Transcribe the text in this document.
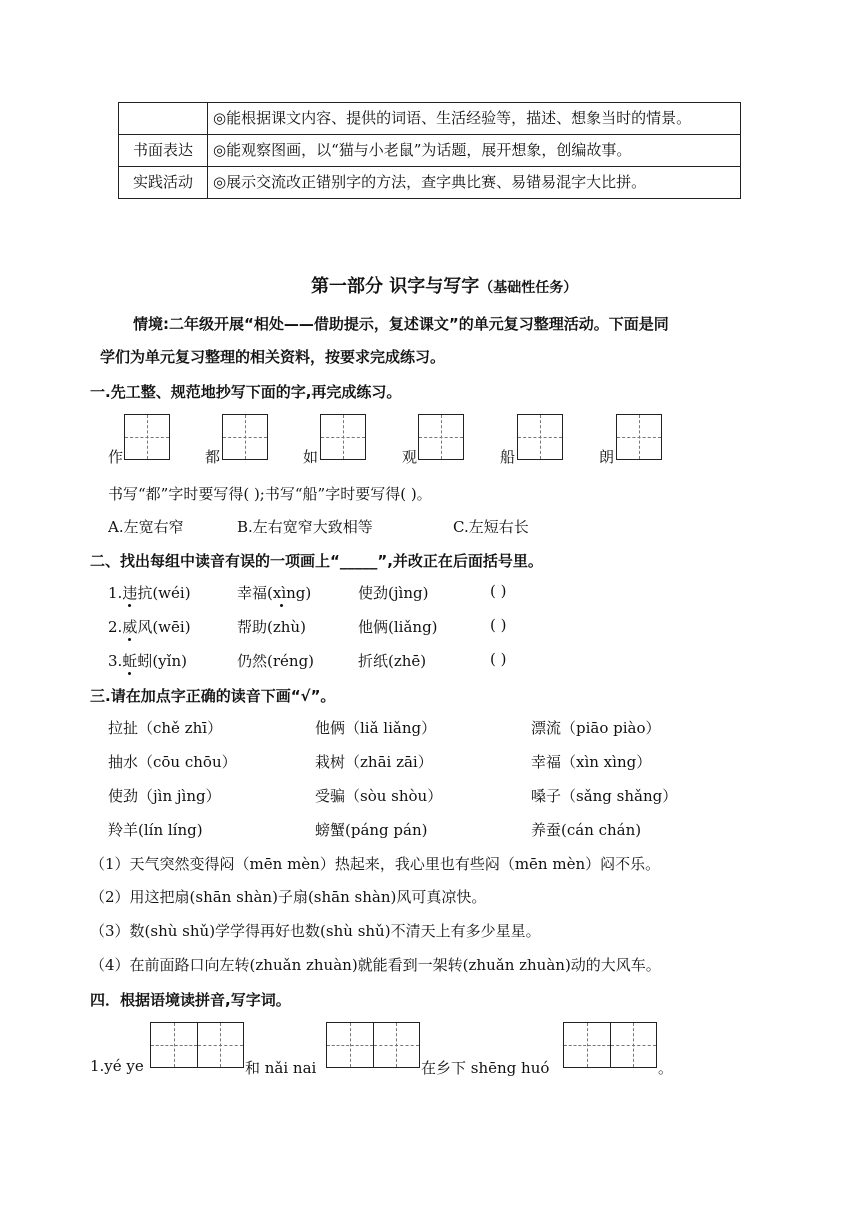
	◎能根据课文内容、提供的词语、生活经验等，描述、想象当时的情景。
书面表达	◎能观察图画，以“猫与小老鼠”为话题，展开想象，创编故事。
实践活动	◎展示交流改正错别字的方法，查字典比赛、易错易混字大比拼。
第一部分 识字与写字（基础性任务）
情境:二年级开展“相处——借助提示，复述课文”的单元复习整理活动。下面是同
学们为单元复习整理的相关资料，按要求完成练习。
一.先工整、规范地抄写下面的字,再完成练习。
作	都	如	观	船	朗
书写“都”字时要写得( );书写“船”字时要写得( )。
A.左宽右窄	B.左右宽窄大致相等	C.左短右长
二、找出每组中读音有误的一项画上“_____”,并改正在后面括号里。
1.违抗(wéi)	幸福(xìng)	使劲(jìng)	( )
2.威风(wēi)	帮助(zhù)	他俩(liǎng)	( )
3.蚯蚓(yǐn)	仍然(réng)	折纸(zhē)	( )
三.请在加点字正确的读音下画“√”。
拉扯（chě zhī）	他俩（liǎ liǎng）	漂流（piāo piào）
抽水（cōu chōu）	栽树（zhāi zāi）	幸福（xìn xìng）
使劲（jìn jìng）	受骗（sòu shòu）	嗓子（sǎng shǎng）
羚羊(lín líng)	螃蟹(páng pán)	养蚕(cán chán)
（1）天气突然变得闷（mēn mèn）热起来，我心里也有些闷（mēn mèn）闷不乐。
（2）用这把扇(shān shàn)子扇(shān shàn)风可真凉快。
（3）数(shù shǔ)学学得再好也数(shù shǔ)不清天上有多少星星。
（4）在前面路口向左转(zhuǎn zhuàn)就能看到一架转(zhuǎn zhuàn)动的大风车。
四．根据语境读拼音,写字词。
1.yé ye	和 nǎi nai	在乡下 shēng huó	。
